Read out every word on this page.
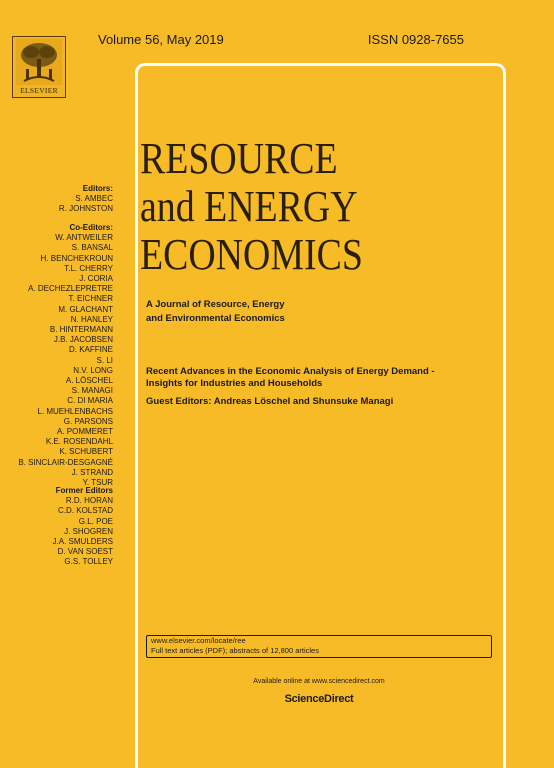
ELSEVIER
Volume 56, May 2019	ISSN 0928-7655
RESOURCE
and ENERGY
ECONOMICS
A Journal of Resource, Energy
and Environmental Economics
Recent Advances in the Economic Analysis of Energy Demand -
Insights for Industries and Households
Guest Editors: Andreas Löschel and Shunsuke Managi
Editors:
S. AMBEC
R. JOHNSTON
Co-Editors:
W. ANTWEILER
S. BANSAL
H. BENCHEKROUN
T.L. CHERRY
J. CORIA
A. DECHEZLEPRETRE
T. EICHNER
M. GLACHANT
N. HANLEY
B. HINTERMANN
J.B. JACOBSEN
D. KAFFINE
S. LI
N.V. LONG
A. LÖSCHEL
S. MANAGI
C. DI MARIA
L. MUEHLENBACHS
G. PARSONS
A. POMMERET
K.E. ROSENDAHL
K. SCHUBERT
B. SINCLAIR-DESGAGNÉ
J. STRAND
Y. TSUR
Former Editors
R.D. HORAN
C.D. KOLSTAD
G.L. POE
J. SHOGREN
J.A. SMULDERS
D. VAN SOEST
G.S. TOLLEY
www.elsevier.com/locate/ree
Full text articles (PDF); abstracts of 12,800 articles
Available online at www.sciencedirect.com
ScienceDirect
